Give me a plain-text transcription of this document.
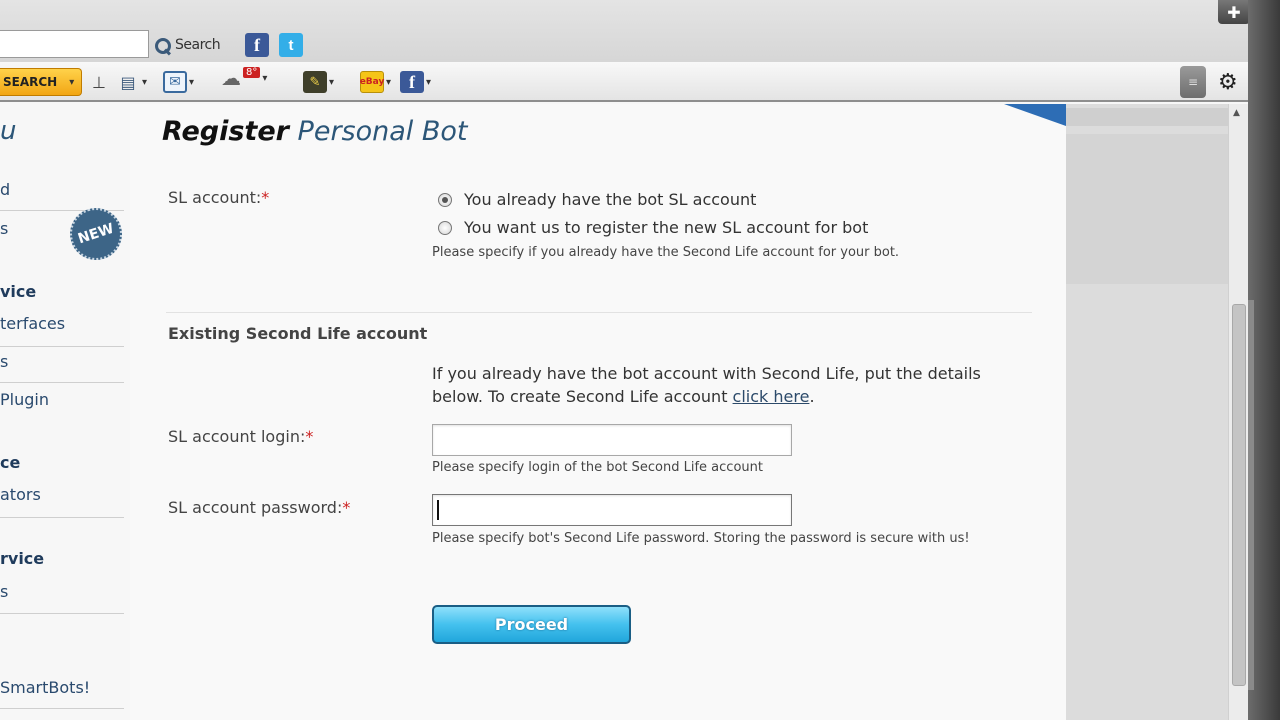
Search	f	t
✚
SEARCH ▾ ⊥ ▤ ▾	✉ ▾ ☁ 8°
▾	✎ ▾	eBay ▾ f	▾	≡ ⚙
u
d
s
vice
terfaces
s
Plugin
ce
ators
rvice
s
SmartBots!
NEW
Register Personal Bot
SL account:*	You already have the bot SL account
You want us to register the new SL account for bot
Please specify if you already have the Second Life account for your bot.
Existing Second Life account
If you already have the bot account with Second Life, put the details below. To create Second Life account click here.
SL account login:*
Please specify login of the bot Second Life account
SL account password:*
Please specify bot's Second Life password. Storing the password is secure with us!
Proceed
▲
